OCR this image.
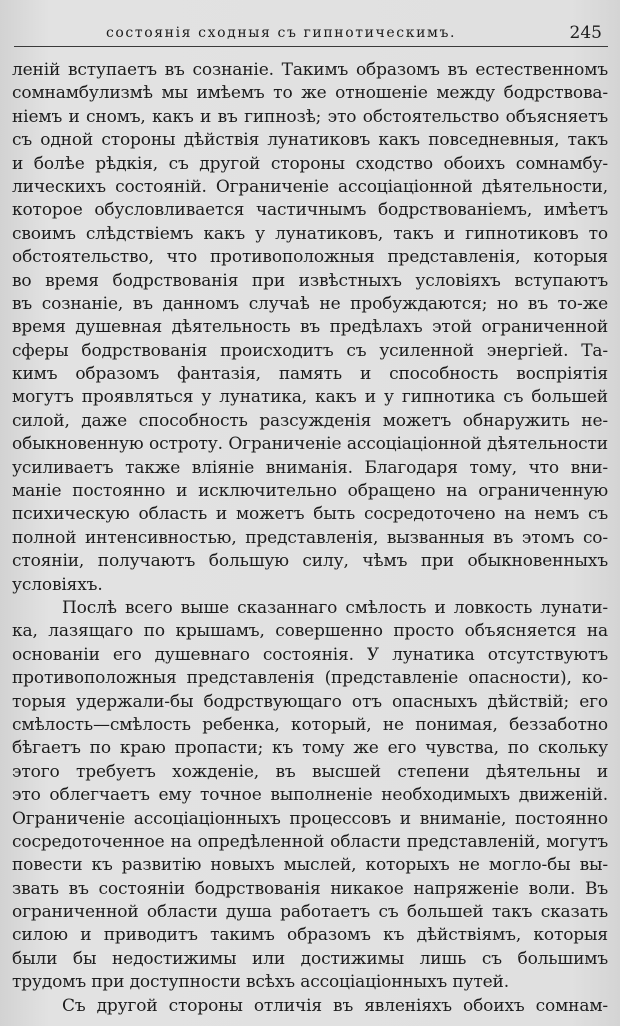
состоянія сходныя съ гипнотическимъ.	245
леній вступаетъ въ сознаніе. Такимъ образомъ въ естественномъ
сомнамбулизмѣ мы имѣемъ то же отношеніе между бодрствова-
ніемъ и сномъ, какъ и въ гипнозѣ; это обстоятельство объясняетъ
съ одной стороны дѣйствія лунатиковъ какъ повседневныя, такъ
и болѣе рѣдкія, съ другой стороны сходство обоихъ сомнамбу-
лическихъ состояній. Ограниченіе ассоціаціонной дѣятельности,
которое обусловливается частичнымъ бодрствованіемъ, имѣетъ
своимъ слѣдствіемъ какъ у лунатиковъ, такъ и гипнотиковъ то
обстоятельство, что противоположныя представленія, которыя
во время бодрствованія при извѣстныхъ условіяхъ вступаютъ
въ сознаніе, въ данномъ случаѣ не пробуждаются; но въ то-же
время душевная дѣятельность въ предѣлахъ этой ограниченной
сферы бодрствованія происходитъ съ усиленной энергіей. Та-
кимъ образомъ фантазія, память и способность воспріятія
могутъ проявляться у лунатика, какъ и у гипнотика съ большей
силой, даже способность разсужденія можетъ обнаружить не-
обыкновенную остроту. Ограниченіе ассоціаціонной дѣятельности
усиливаетъ также вліяніе вниманія. Благодаря тому, что вни-
маніе постоянно и исключительно обращено на ограниченную
психическую область и можетъ быть сосредоточено на немъ съ
полной интенсивностью, представленія, вызванныя въ этомъ со-
стояніи, получаютъ большую силу, чѣмъ при обыкновенныхъ
условіяхъ.
Послѣ всего выше сказаннаго смѣлость и ловкость лунати-
ка, лазящаго по крышамъ, совершенно просто объясняется на
основаніи его душевнаго состоянія. У лунатика отсутствуютъ
противоположныя представленія (представленіе опасности), ко-
торыя удержали-бы бодрствующаго отъ опасныхъ дѣйствій; его
смѣлость—смѣлость ребенка, который, не понимая, беззаботно
бѣгаетъ по краю пропасти; къ тому же его чувства, по скольку
этого требуетъ хожденіе, въ высшей степени дѣятельны и
это облегчаетъ ему точное выполненіе необходимыхъ движеній.
Ограниченіе ассоціаціонныхъ процессовъ и вниманіе, постоянно
сосредоточенное на опредѣленной области представленій, могутъ
повести къ развитію новыхъ мыслей, которыхъ не могло-бы вы-
звать въ состояніи бодрствованія никакое напряженіе воли. Въ
ограниченной области душа работаетъ съ большей такъ сказать
силою и приводитъ такимъ образомъ къ дѣйствіямъ, которыя
были бы недостижимы или достижимы лишь съ большимъ
трудомъ при доступности всѣхъ ассоціаціонныхъ путей.
Съ другой стороны отличія въ явленіяхъ обоихъ сомнам-
